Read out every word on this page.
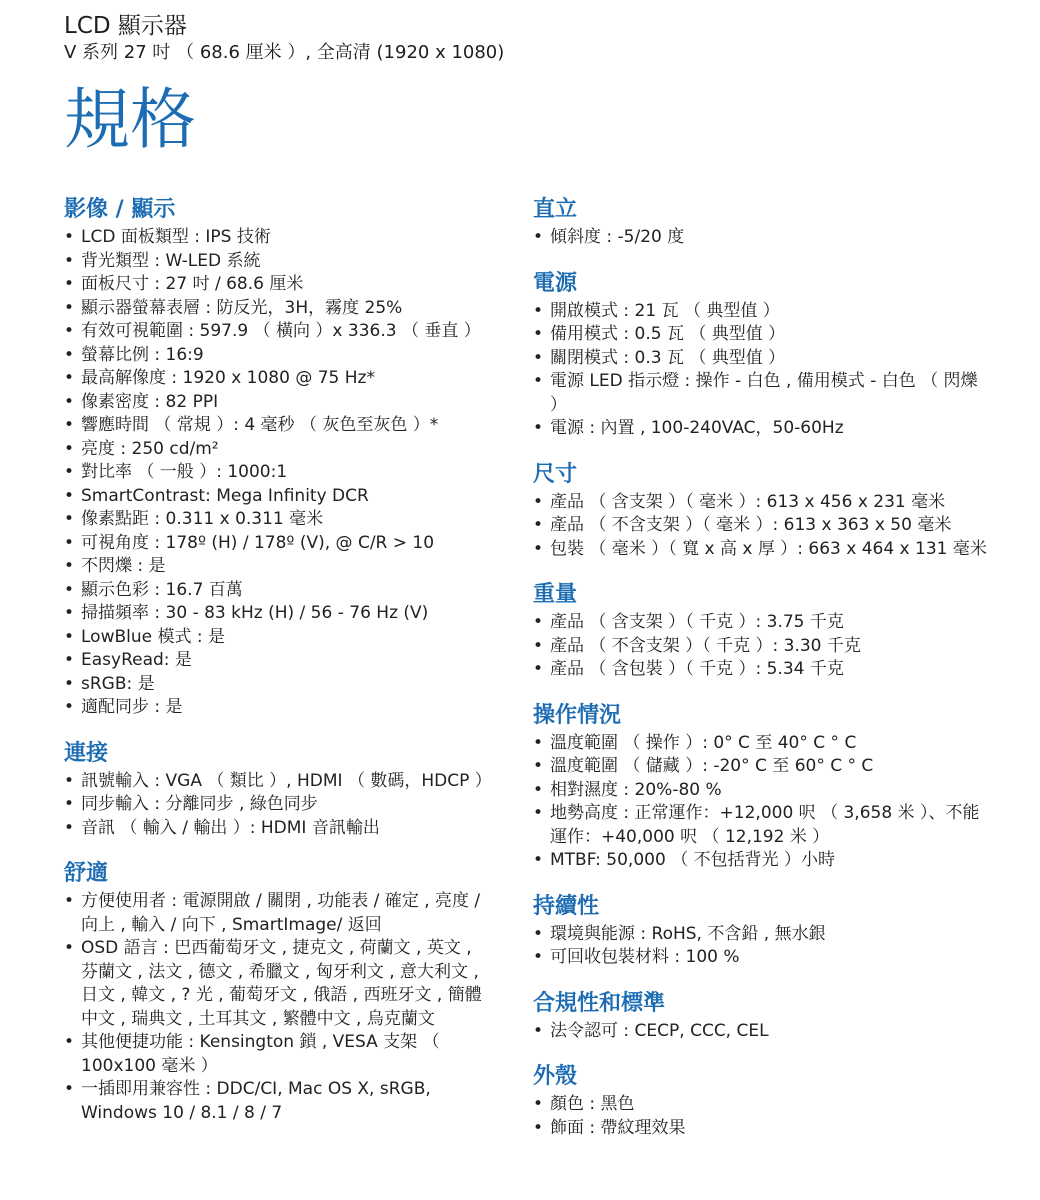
LCD 顯示器
V 系列 27 吋 （ 68.6 厘米 ）, 全高清 (1920 x 1080)
規格
影像 / 顯示
• LCD 面板類型 : IPS 技術
• 背光類型 : W-LED 系統
• 面板尺寸 : 27 吋 / 68.6 厘米
• 顯示器螢幕表層 : 防反光，3H，霧度 25%
• 有效可視範圍 : 597.9 （ 橫向 ）x 336.3 （ 垂直 ）
• 螢幕比例 : 16:9
• 最高解像度 : 1920 x 1080 @ 75 Hz*
• 像素密度 : 82 PPI
• 響應時間 （ 常規 ）: 4 毫秒 （ 灰色至灰色 ）*
• 亮度 : 250 cd/m²
• 對比率 （ 一般 ）: 1000:1
• SmartContrast: Mega Infinity DCR
• 像素點距 : 0.311 x 0.311 毫米
• 可視角度 : 178º (H) / 178º (V), @ C/R > 10
• 不閃爍 : 是
• 顯示色彩 : 16.7 百萬
• 掃描頻率 : 30 - 83 kHz (H) / 56 - 76 Hz (V)
• LowBlue 模式 : 是
• EasyRead: 是
• sRGB: 是
• 適配同步 : 是
連接
• 訊號輸入 : VGA （ 類比 ）, HDMI （ 數碼，HDCP ）
• 同步輸入 : 分離同步 , 綠色同步
• 音訊 （ 輸入 / 輸出 ）: HDMI 音訊輸出
舒適
• 方便使用者 : 電源開啟 / 關閉 , 功能表 / 確定 , 亮度 / 向上 , 輸入 / 向下 , SmartImage/ 返回
• OSD 語言 : 巴西葡萄牙文 , 捷克文 , 荷蘭文 , 英文 , 芬蘭文 , 法文 , 德文 , 希臘文 , 匈牙利文 , 意大利文 , 日文 , 韓文 , ? 光 , 葡萄牙文 , 俄語 , 西班牙文 , 簡體中文 , 瑞典文 , 土耳其文 , 繁體中文 , 烏克蘭文
• 其他便捷功能 : Kensington 鎖 , VESA 支架 （ 100x100 毫米 ）
• 一插即用兼容性 : DDC/CI, Mac OS X, sRGB, Windows 10 / 8.1 / 8 / 7
直立
• 傾斜度 : -5/20 度
電源
• 開啟模式 : 21 瓦 （ 典型值 ）
• 備用模式 : 0.5 瓦 （ 典型值 ）
• 關閉模式 : 0.3 瓦 （ 典型值 ）
• 電源 LED 指示燈 : 操作 - 白色 , 備用模式 - 白色 （ 閃爍 ）
• 電源 : 內置 , 100-240VAC，50-60Hz
尺寸
• 產品 （ 含支架 ）（ 毫米 ）: 613 x 456 x 231 毫米
• 產品 （ 不含支架 ）（ 毫米 ）: 613 x 363 x 50 毫米
• 包裝 （ 毫米 ）（ 寬 x 高 x 厚 ）: 663 x 464 x 131 毫米
重量
• 產品 （ 含支架 ）（ 千克 ）: 3.75 千克
• 產品 （ 不含支架 ）（ 千克 ）: 3.30 千克
• 產品 （ 含包裝 ）（ 千克 ）: 5.34 千克
操作情況
• 溫度範圍 （ 操作 ）: 0° C 至 40° C ° C
• 溫度範圍 （ 儲藏 ）: -20° C 至 60° C ° C
• 相對濕度 : 20%-80 %
• 地勢高度 : 正常運作：+12,000 呎 （ 3,658 米 ）、不能運作：+40,000 呎 （ 12,192 米 ）
• MTBF: 50,000 （ 不包括背光 ）小時
持續性
• 環境與能源 : RoHS, 不含鉛 , 無水銀
• 可回收包裝材料 : 100 %
合規性和標準
• 法令認可 : CECP, CCC, CEL
外殼
• 顏色 : 黑色
• 飾面 : 帶紋理效果
